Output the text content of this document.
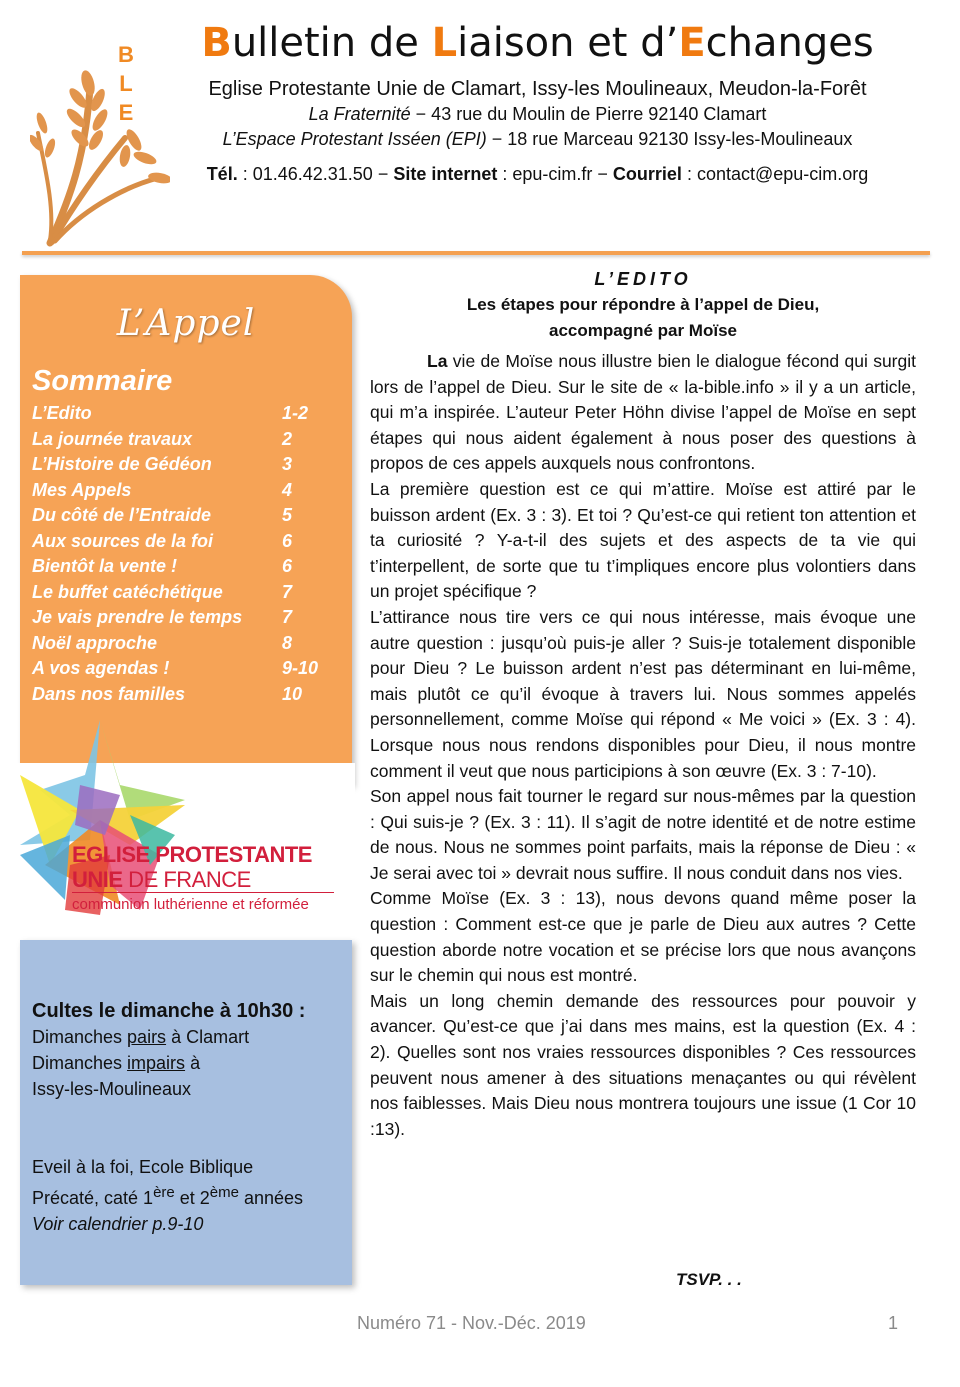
B
L
E
Bulletin de Liaison et d’Echanges
Eglise Protestante Unie de Clamart, Issy-les Moulineaux, Meudon-la-Forêt
La Fraternité − 43 rue du Moulin de Pierre 92140 Clamart
L’Espace Protestant Isséen (EPI) − 18 rue Marceau 92130 Issy-les-Moulineaux
Tél. : 01.46.42.31.50 − Site internet : epu-cim.fr − Courriel : contact@epu-cim.org
L’Appel
Sommaire
L’Edito	1-2
La journée travaux	2
L’Histoire de Gédéon	3
Mes Appels	4
Du côté de l’Entraide	5
Aux sources de la foi	6
Bientôt la vente !	6
Le buffet catéchétique	7
Je vais prendre le temps	7
Noël approche	8
A vos agendas !	9-10
Dans nos familles	10
EGLISE PROTESTANTE
UNIE DE FRANCE
communion luthérienne et réformée
Cultes le dimanche à 10h30 :
Dimanches pairs à Clamart
Dimanches impairs à
Issy-les-Moulineaux
Eveil à la foi, Ecole Biblique
Précaté, caté 1ère et 2ème années
Voir calendrier p.9-10
L’EDITO
Les étapes pour répondre à l’appel de Dieu,
accompagné par Moïse

La vie de Moïse nous illustre bien le dialogue fécond qui surgit lors de l’appel de Dieu. Sur le site de « la-bible.info » il y a un article, qui m’a inspirée. L’auteur Peter Höhn divise l’appel de Moïse en sept étapes qui nous aident également à nous poser des questions à propos de ces appels auxquels nous confrontons.

La première question est ce qui m’attire. Moïse est attiré par le buisson ardent (Ex. 3 : 3). Et toi ? Qu’est-ce qui retient ton attention et ta curiosité ? Y-a-t-il des sujets et des aspects de ta vie qui t’interpellent, de sorte que tu t’impliques encore plus volontiers dans un projet spécifique ?

L’attirance nous tire vers ce qui nous intéresse, mais évoque une autre question : jusqu’où puis-je aller ? Suis-je totalement disponible pour Dieu ? Le buisson ardent n’est pas déterminant en lui-même, mais plutôt ce qu’il évoque à travers lui. Nous sommes appelés personnellement, comme Moïse qui répond « Me voici » (Ex. 3 : 4). Lorsque nous nous rendons disponibles pour Dieu, il nous montre comment il veut que nous participions à son œuvre (Ex. 3 : 7-10).

Son appel nous fait tourner le regard sur nous-mêmes par la question : Qui suis-je ? (Ex. 3 : 11). Il s’agit de notre identité et de notre estime de nous. Nous ne sommes point parfaits, mais la réponse de Dieu : « Je serai avec toi » devrait nous suffire. Il nous conduit dans nos vies.

Comme Moïse (Ex. 3 : 13), nous devons quand même poser la question : Comment est-ce que je parle de Dieu aux autres ? Cette question aborde notre vocation et se précise lors que nous avançons sur le chemin qui nous est montré.

Mais un long chemin demande des ressources pour pouvoir y avancer. Qu’est-ce que j’ai dans mes mains, est la question (Ex. 4 : 2). Quelles sont nos vraies ressources disponibles ? Ces ressources peuvent nous amener à des situations menaçantes ou qui révèlent nos faiblesses. Mais Dieu nous montrera toujours une issue (1 Cor 10 :13).

TSVP. . .
Numéro 71 - Nov.-Déc. 2019	1
